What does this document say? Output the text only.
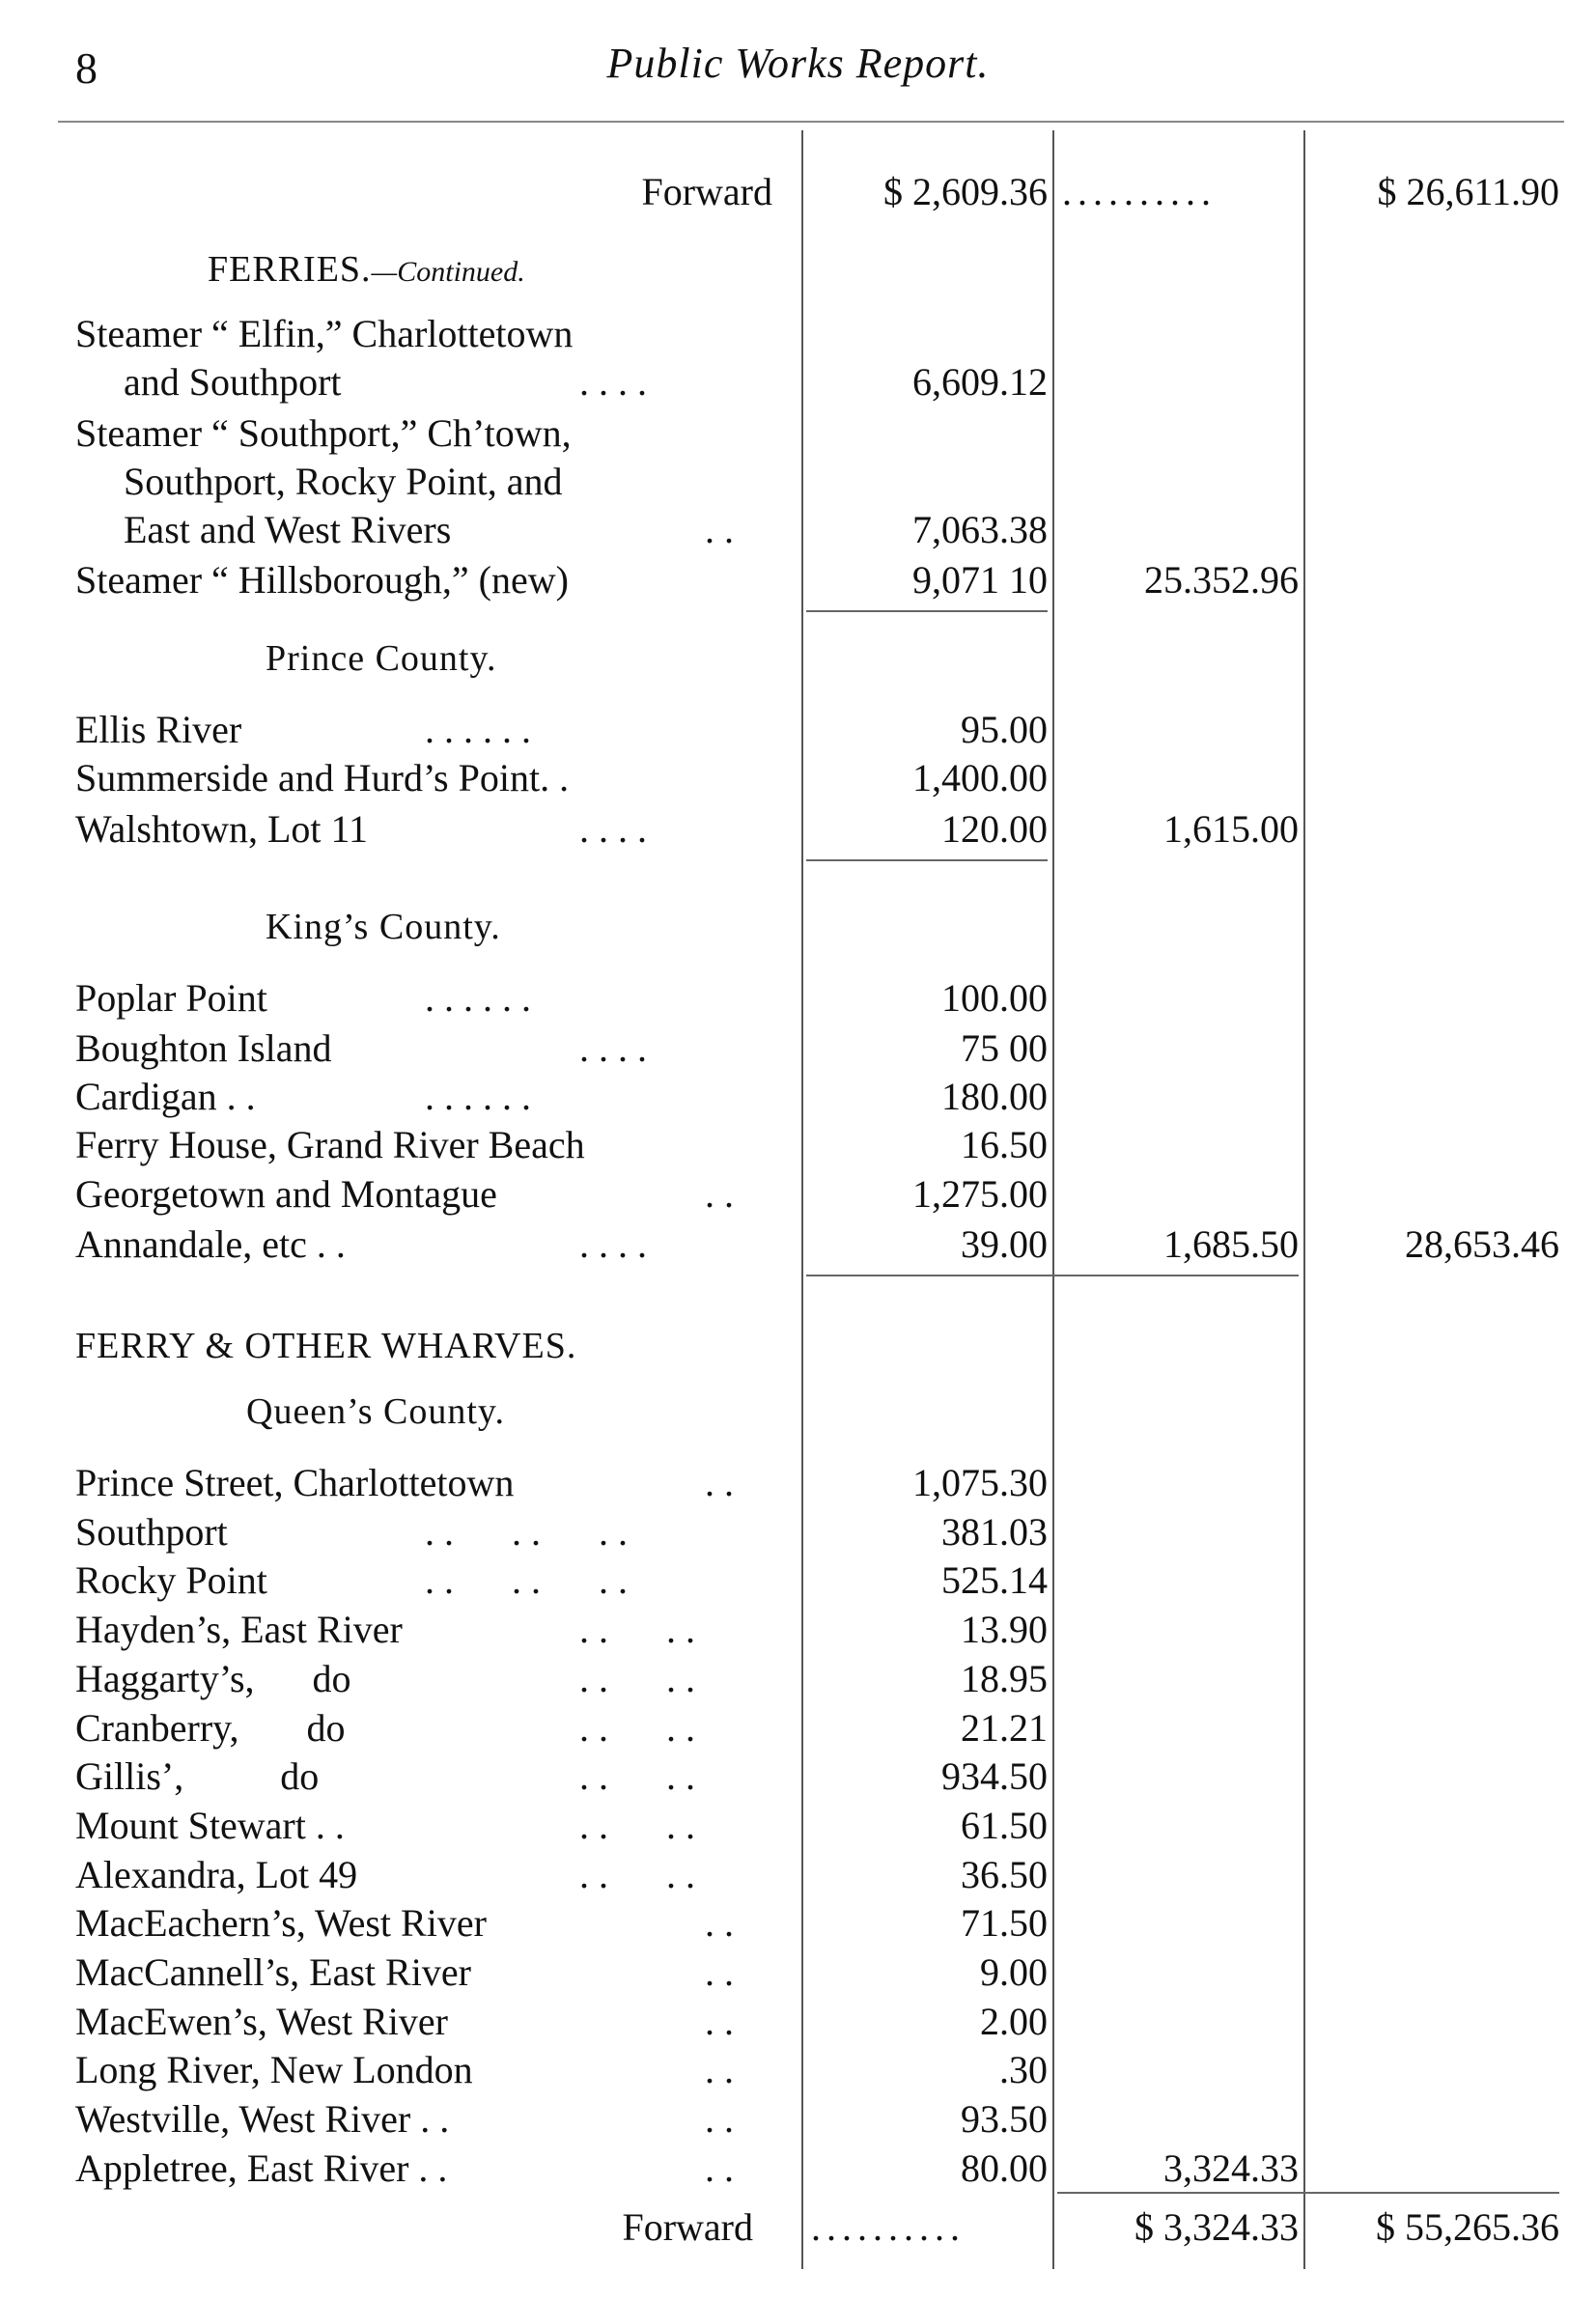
8	Public Works Report.
Forward	$ 2,609.36 ..........	$ 26,611.90
FERRIES.—Continued.
Steamer “ Elfin,” Charlottetown
and Southport	. . . .	6,609.12
Steamer “ Southport,” Ch’town,
Southport, Rocky Point, and
East and West Rivers	. .	7,063.38
Steamer “ Hillsborough,” (new)	9,071 10	25.352.96
Prince County.
Ellis River	. . . . . .	95.00
Summerside and Hurd’s Point. .	1,400.00
Walshtown, Lot 11	. . . .	120.00	1,615.00
King’s County.
Poplar Point	. . . . . .	100.00
Boughton Island	. . . .	75 00
Cardigan . .	. . . . . .	180.00
Ferry House, Grand River Beach	16.50
Georgetown and Montague	. .	1,275.00
Annandale, etc . .	. . . .	39.00	1,685.50	28,653.46
FERRY & OTHER WHARVES.
Queen’s County.
Prince Street, Charlottetown	. .	1,075.30
Southport	. .      . .      . .	381.03
Rocky Point	. .      . .      . .	525.14
Hayden’s, East River	. .      . .	13.90
Haggarty’s,      do	. .      . .	18.95
Cranberry,       do	. .      . .	21.21
Gillis’,          do	. .      . .	934.50
Mount Stewart . .	. .      . .	61.50
Alexandra, Lot 49	. .      . .	36.50
MacEachern’s, West River	. .	71.50
MacCannell’s, East River	. .	9.00
MacEwen’s, West River	. .	2.00
Long River, New London	. .	.30
Westville, West River . .	. .	93.50
Appletree, East River . .	. .	80.00	3,324.33
Forward ..........	$ 3,324.33	$ 55,265.36
